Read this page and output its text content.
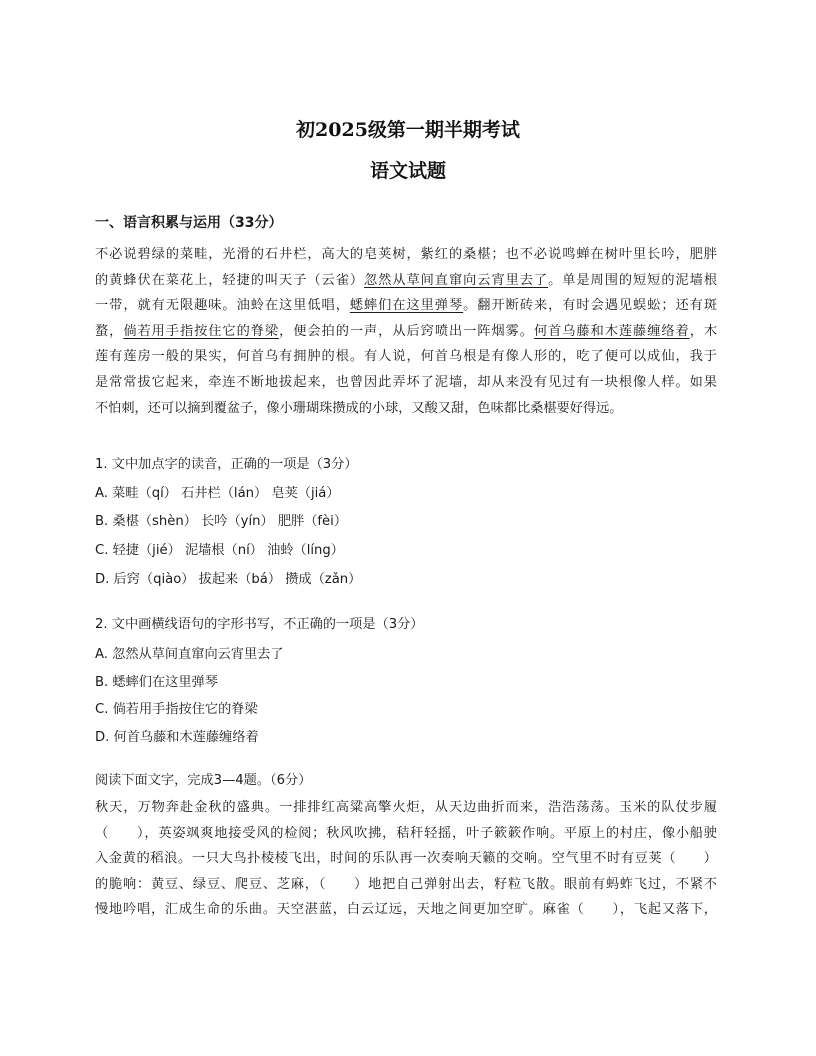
初2025级第一期半期考试
语文试题
一、语言积累与运用（33分）
不必说碧绿的菜畦，光滑的石井栏，高大的皂荚树，紫红的桑椹；也不必说鸣蝉在树叶里长吟，肥胖
的黄蜂伏在菜花上，轻捷的叫天子（云雀）忽然从草间直窜向云宵里去了。单是周围的短短的泥墙根
一带，就有无限趣味。油蛉在这里低唱，蟋蟀们在这里弹琴。翻开断砖来，有时会遇见蜈蚣；还有斑
蝥，倘若用手指按住它的脊梁，便会拍的一声，从后窍喷出一阵烟雾。何首乌藤和木莲藤缠络着，木
莲有莲房一般的果实，何首乌有拥肿的根。有人说，何首乌根是有像人形的，吃了便可以成仙，我于
是常常拔它起来，牵连不断地拔起来，也曾因此弄坏了泥墙，却从来没有见过有一块根像人样。如果
不怕刺，还可以摘到覆盆子，像小珊瑚珠攒成的小球，又酸又甜，色味都比桑椹要好得远。
1. 文中加点字的读音，正确的一项是（3分）
A. 菜畦（qí） 石井栏（lán） 皂荚（jiá）
B. 桑椹（shèn） 长吟（yín） 肥胖（fèi）
C. 轻捷（jié） 泥墙根（ní） 油蛉（líng）
D. 后窍（qiào） 拔起来（bá） 攒成（zǎn）
2. 文中画横线语句的字形书写，不正确的一项是（3分）
A. 忽然从草间直窜向云宵里去了
B. 蟋蟀们在这里弹琴
C. 倘若用手指按住它的脊梁
D. 何首乌藤和木莲藤缠络着
阅读下面文字，完成3—4题。（6分）
秋天，万物奔赴金秋的盛典。一排排红高粱高擎火炬，从天边曲折而来，浩浩荡荡。玉米的队仗步履
（　　），英姿飒爽地接受风的检阅；秋风吹拂，秸秆轻摇，叶子簌簌作响。平原上的村庄，像小船驶
入金黄的稻浪。一只大鸟扑棱棱飞出，时间的乐队再一次奏响天籁的交响。空气里不时有豆荚（　　）
的脆响：黄豆、绿豆、爬豆、芝麻，（　　）地把自己弹射出去，籽粒飞散。眼前有蚂蚱飞过，不紧不
慢地吟唱，汇成生命的乐曲。天空湛蓝，白云辽远，天地之间更加空旷。麻雀（　　），飞起又落下，
